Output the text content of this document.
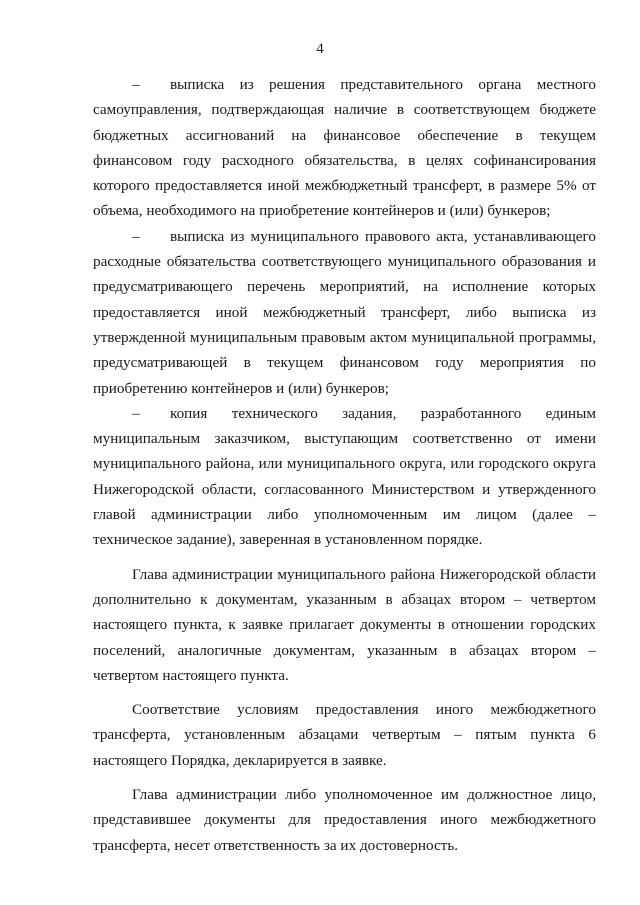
4

–  выписка из решения представительного органа местного самоуправления, подтверждающая наличие в соответствующем бюджете бюджетных ассигнований на финансовое обеспечение в текущем финансовом году расходного обязательства, в целях софинансирования которого предоставляется иной межбюджетный трансферт, в размере 5% от объема, необходимого на приобретение контейнеров и (или) бункеров;

–  выписка из муниципального правового акта, устанавливающего расходные обязательства соответствующего муниципального образования и предусматривающего перечень мероприятий, на исполнение которых предоставляется иной межбюджетный трансферт, либо выписка из утвержденной муниципальным правовым актом муниципальной программы, предусматривающей в текущем финансовом году мероприятия по приобретению контейнеров и (или) бункеров;

–  копия технического задания, разработанного единым муниципальным заказчиком, выступающим соответственно от имени муниципального района, или муниципального округа, или городского округа Нижегородской области, согласованного Министерством и утвержденного главой администрации либо уполномоченным им лицом (далее – техническое задание), заверенная в установленном порядке.

Глава администрации муниципального района Нижегородской области дополнительно к документам, указанным в абзацах втором – четвертом настоящего пункта, к заявке прилагает документы в отношении городских поселений, аналогичные документам, указанным в абзацах втором – четвертом настоящего пункта.

Соответствие условиям предоставления иного межбюджетного трансферта, установленным абзацами четвертым – пятым пункта 6 настоящего Порядка, декларируется в заявке.

Глава администрации либо уполномоченное им должностное лицо, представившее документы для предоставления иного межбюджетного трансферта, несет ответственность за их достоверность.
